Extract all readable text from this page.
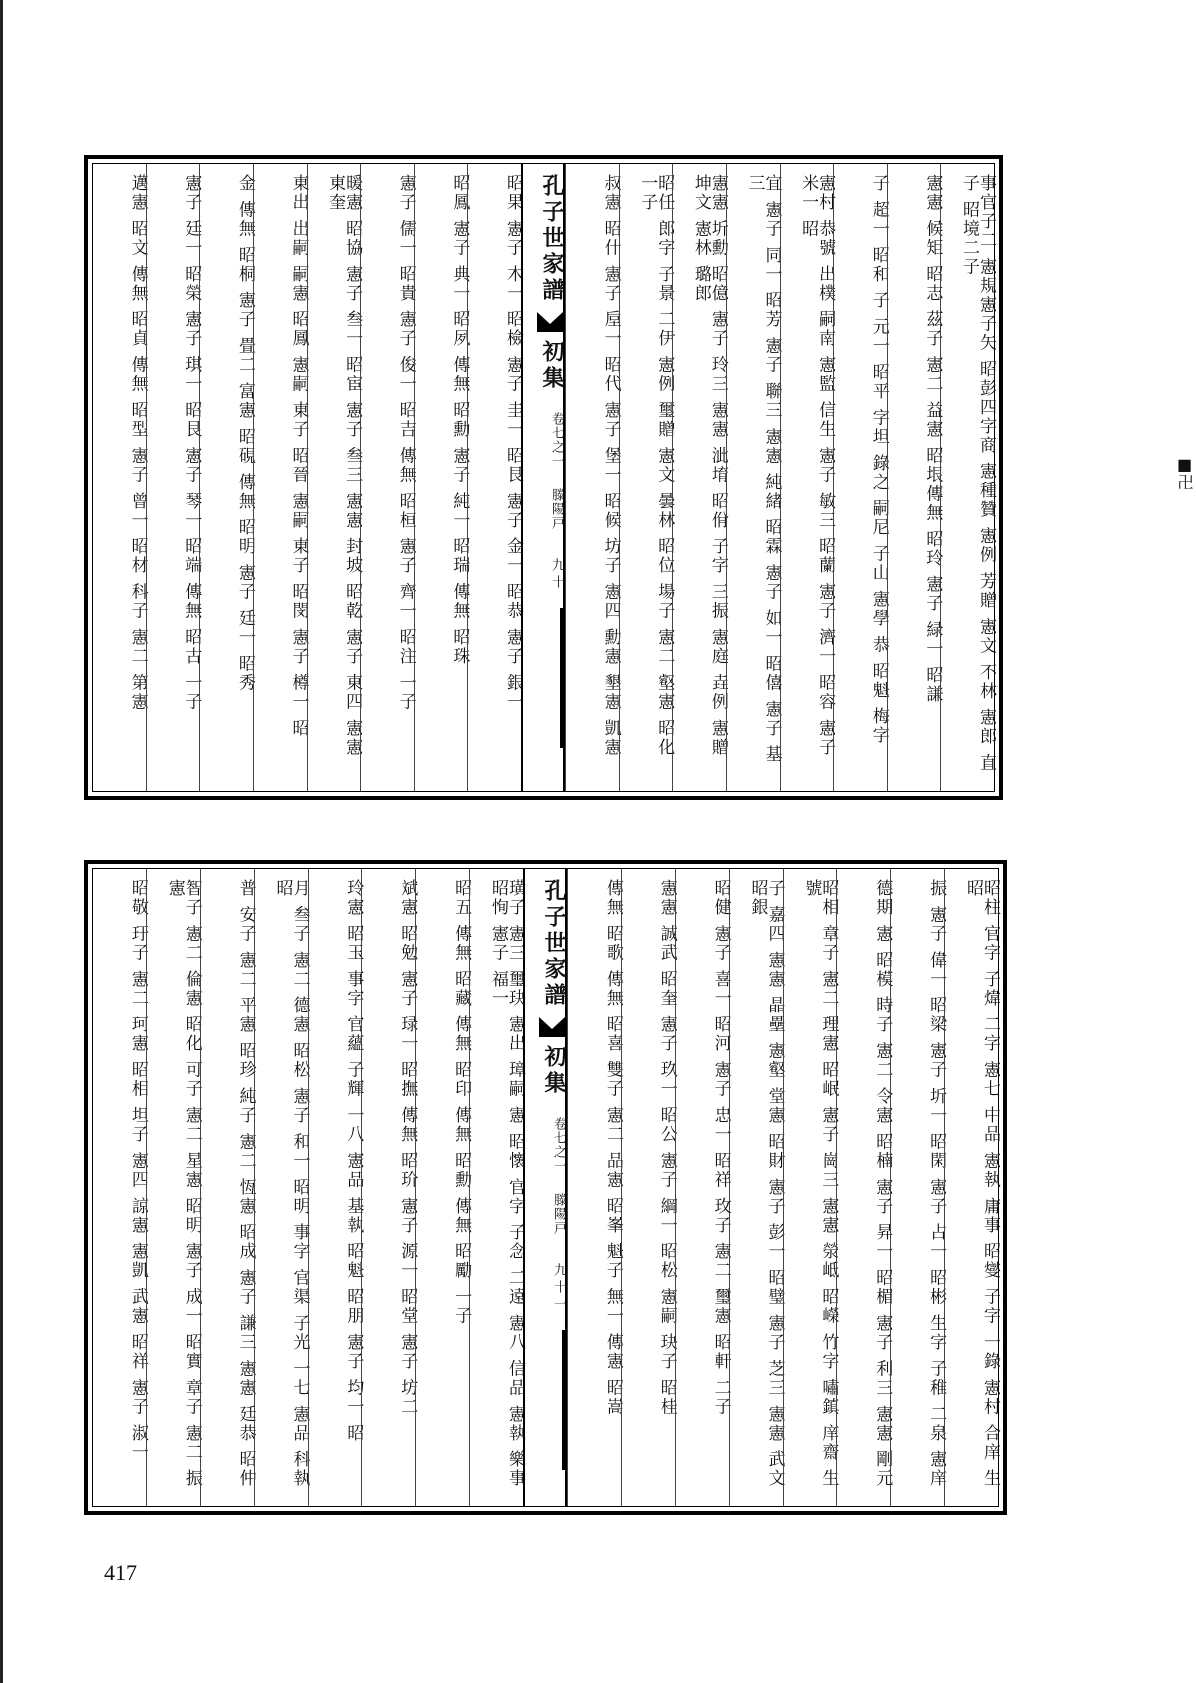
■卍
事官子二 憲規憲子矢 昭彭四字商 憲種贊 憲例 芳贈 憲文 不林 憲郎 直子 昭境二子
憲憲 候矩 昭志 茲子 憲二 益憲 昭垠傳無 昭玲 憲子 緑一 昭謙
子 超一 昭和 子 元一 昭平 字坦 錄之 嗣尼 子山 憲學 恭 昭魁 梅字
憲村 恭號 出樸 嗣南 憲監 信生 憲子 敏三 昭蘭 憲子 濟一 昭容 憲子 米一 昭
宜 憲子 同一 昭芳 憲子 聯三 憲憲 純緒 昭霖 憲子 如一 昭僖 憲子 基三
憲憲 圻勳 昭億 憲子 玲三 憲憲 泚堉 昭佾 子字 三振 憲庭 垚例 憲贈 坤文 憲林 璐郎
昭任 郎字 子景 二伊 憲例 璽贈 憲文 曇林 昭位 場子 憲二 壑憲 昭化 一子
叔憲 昭什 憲子 垕一 昭代 憲子 堡一 昭候 坊子 憲四 勳憲 墾憲 凱憲
孔子世家譜
初集
卷七之一
滕陽戸
九十
昭果 憲子 木一 昭檢 憲子 圭一 昭艮 憲子 金一 昭恭 憲子 銀一
昭鳳 憲子 典一 昭夙 傳無 昭勳 憲子 純一 昭瑞 傳無 昭珠
憲子 儒一 昭貴 憲子 俊一 昭吉 傳無 昭桓 憲子 齊一 昭注 一子
暖憲 昭協 憲子 叁一 昭宦 憲子 叁三 憲憲 封坡 昭乾 憲子 東四 憲憲 東奎
東出 出嗣 嗣憲 昭鳳 憲嗣 東子 昭晉 憲嗣 東子 昭閔 憲子 樽一 昭
金 傳無 昭桐 憲子 畳二 富憲 昭硯 傳無 昭明 憲子 廷一 昭秀
憲子 廷一 昭榮 憲子 琪一 昭艮 憲子 琴一 昭端 傳無 昭古 一子
邁憲 昭文 傳無 昭貞 傳無 昭型 憲子 曾一 昭材 科子 憲二 第憲
昭柱 官字 子煒 二字 憲七 中品 憲執 庸事 昭燮 子字 一錄 憲村 合庠 生 昭
振 憲子 偉一 昭梁 憲子 圻一 昭閑 憲子 占一 昭彬 生字 子稚 二泉 憲庠
德期 憲 昭模 時子 憲二 令憲 昭楠 憲子 昇一 昭楣 憲子 利三 憲憲 剛元
昭相 章子 憲二 理憲 昭岷 憲子 崗三 憲憲 滎岻 昭嶸 竹字 嘯鎮 庠齋 生號
子 嘉四 憲憲 晶壘 憲壑 堂憲 昭財 憲子 彭一 昭璧 憲子 芝三 憲憲 武文 昭銀
昭健 憲子 喜一 昭河 憲子 忠一 昭祥 玫子 憲二 璽憲 昭軒 二子
憲憲 誠武 昭奎 憲子 玖一 昭公 憲子 綱一 昭松 憲嗣 玦子 昭桂
傳無 昭歌 傳無 昭喜 雙子 憲二 品憲 昭峯 魁子 無一 傳憲 昭嵩
孔子世家譜
初集
卷七之一
滕陽戸
九十一
璜子 憲三 璽玦 憲出 璋嗣 憲 昭懷 官字 子念 二遠 憲八 信品 憲執 樂事 昭恂 憲子 福一
昭五 傳無 昭藏 傳無 昭印 傳無 昭勳 傳無 昭勵 一子
斌憲 昭勉 憲子 琭一 昭撫 傳無 昭玠 憲子 源一 昭堂 憲子 坊二
玲憲 昭玉 事字 官蘊 子輝 一八 憲品 基執 昭魁 昭朋 憲子 均一 昭
月 叁子 憲二 德憲 昭松 憲子 和一 昭明 事字 官渠 子光 一七 憲品 科執 昭
普 安子 憲二 平憲 昭珍 純子 憲二 恆憲 昭成 憲子 謙三 憲憲 廷恭 昭仲
智子 憲二 倫憲 昭化 可子 憲二 星憲 昭明 憲子 成一 昭實 章子 憲二 振憲
昭敬 玗子 憲二 珂憲 昭相 坦子 憲四 諒憲 憲凱 武憲 昭祥 憲子 淑一
417
